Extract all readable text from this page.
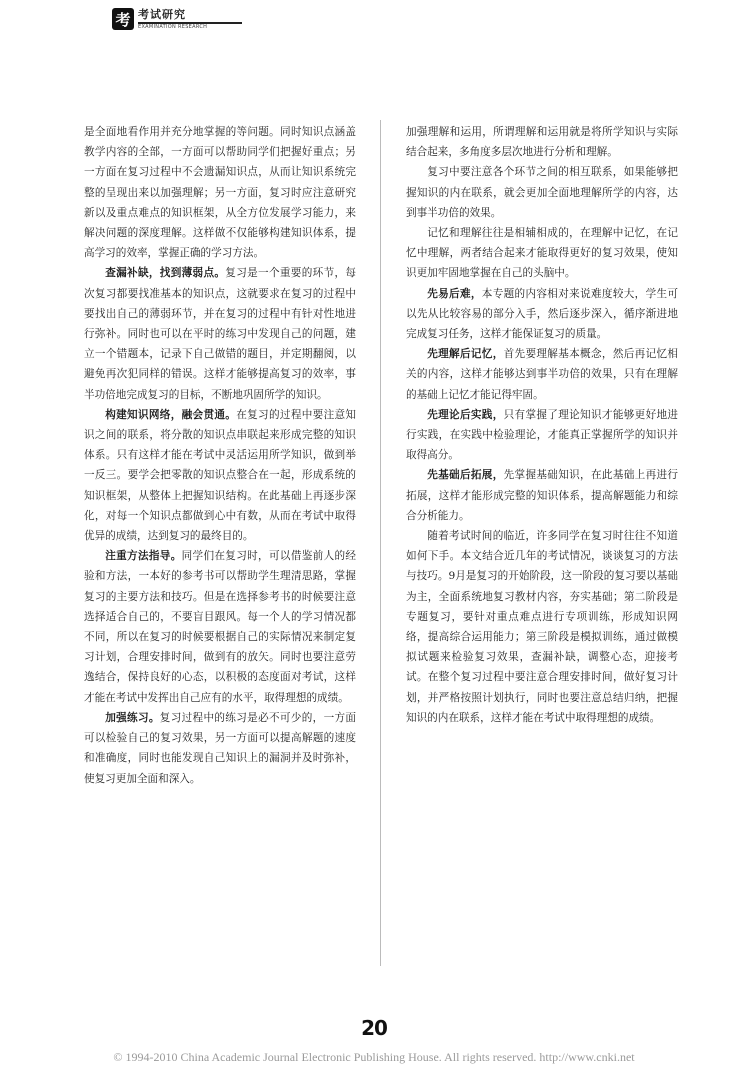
考 考试研究
EXAMINATION RESEARCH

是全面地看作用并充分地掌握的等问题。同时知识点涵盖教学内容的全部，一方面可以帮助同学们把握好重点；另一方面在复习过程中不会遗漏知识点，从而让知识系统完整的呈现出来以加强理解；另一方面，复习时应注意研究新以及重点难点的知识框架，从全方位发展学习能力，来解决问题的深度理解。这样做不仅能够构建知识体系，提高学习的效率，掌握正确的学习方法。

查漏补缺，找到薄弱点。复习是一个重要的环节，每次复习都要找准基本的知识点，这就要求在复习的过程中要找出自己的薄弱环节，并在复习的过程中有针对性地进行弥补。同时也可以在平时的练习中发现自己的问题，建立一个错题本，记录下自己做错的题目，并定期翻阅，以避免再次犯同样的错误。这样才能够提高复习的效率，事半功倍地完成复习的目标，不断地巩固所学的知识。

构建知识网络，融会贯通。在复习的过程中要注意知识之间的联系，将分散的知识点串联起来形成完整的知识体系。只有这样才能在考试中灵活运用所学知识，做到举一反三。要学会把零散的知识点整合在一起，形成系统的知识框架，从整体上把握知识结构。在此基础上再逐步深化，对每一个知识点都做到心中有数，从而在考试中取得优异的成绩，达到复习的最终目的。

注重方法指导。同学们在复习时，可以借鉴前人的经验和方法，一本好的参考书可以帮助学生理清思路，掌握复习的主要方法和技巧。但是在选择参考书的时候要注意选择适合自己的，不要盲目跟风。每一个人的学习情况都不同，所以在复习的时候要根据自己的实际情况来制定复习计划，合理安排时间，做到有的放矢。同时也要注意劳逸结合，保持良好的心态，以积极的态度面对考试，这样才能在考试中发挥出自己应有的水平，取得理想的成绩。

加强练习。复习过程中的练习是必不可少的，一方面可以检验自己的复习效果，另一方面可以提高解题的速度和准确度，同时也能发现自己知识上的漏洞并及时弥补，使复习更加全面和深入。

加强理解和运用，所谓理解和运用就是将所学知识与实际结合起来，多角度多层次地进行分析和理解。

复习中要注意各个环节之间的相互联系，如果能够把握知识的内在联系，就会更加全面地理解所学的内容，达到事半功倍的效果。

记忆和理解往往是相辅相成的，在理解中记忆，在记忆中理解，两者结合起来才能取得更好的复习效果，使知识更加牢固地掌握在自己的头脑中。

先易后难，本专题的内容相对来说难度较大，学生可以先从比较容易的部分入手，然后逐步深入，循序渐进地完成复习任务，这样才能保证复习的质量。

先理解后记忆，首先要理解基本概念，然后再记忆相关的内容，这样才能够达到事半功倍的效果，只有在理解的基础上记忆才能记得牢固。

先理论后实践，只有掌握了理论知识才能够更好地进行实践，在实践中检验理论，才能真正掌握所学的知识并取得高分。

先基础后拓展，先掌握基础知识，在此基础上再进行拓展，这样才能形成完整的知识体系，提高解题能力和综合分析能力。

随着考试时间的临近，许多同学在复习时往往不知道如何下手。本文结合近几年的考试情况，谈谈复习的方法与技巧。9月是复习的开始阶段，这一阶段的复习要以基础为主，全面系统地复习教材内容，夯实基础；第二阶段是专题复习，要针对重点难点进行专项训练，形成知识网络，提高综合运用能力；第三阶段是模拟训练，通过做模拟试题来检验复习效果，查漏补缺，调整心态，迎接考试。在整个复习过程中要注意合理安排时间，做好复习计划，并严格按照计划执行，同时也要注意总结归纳，把握知识的内在联系，这样才能在考试中取得理想的成绩。

20
© 1994-2010 China Academic Journal Electronic Publishing House. All rights reserved. http://www.cnki.net
